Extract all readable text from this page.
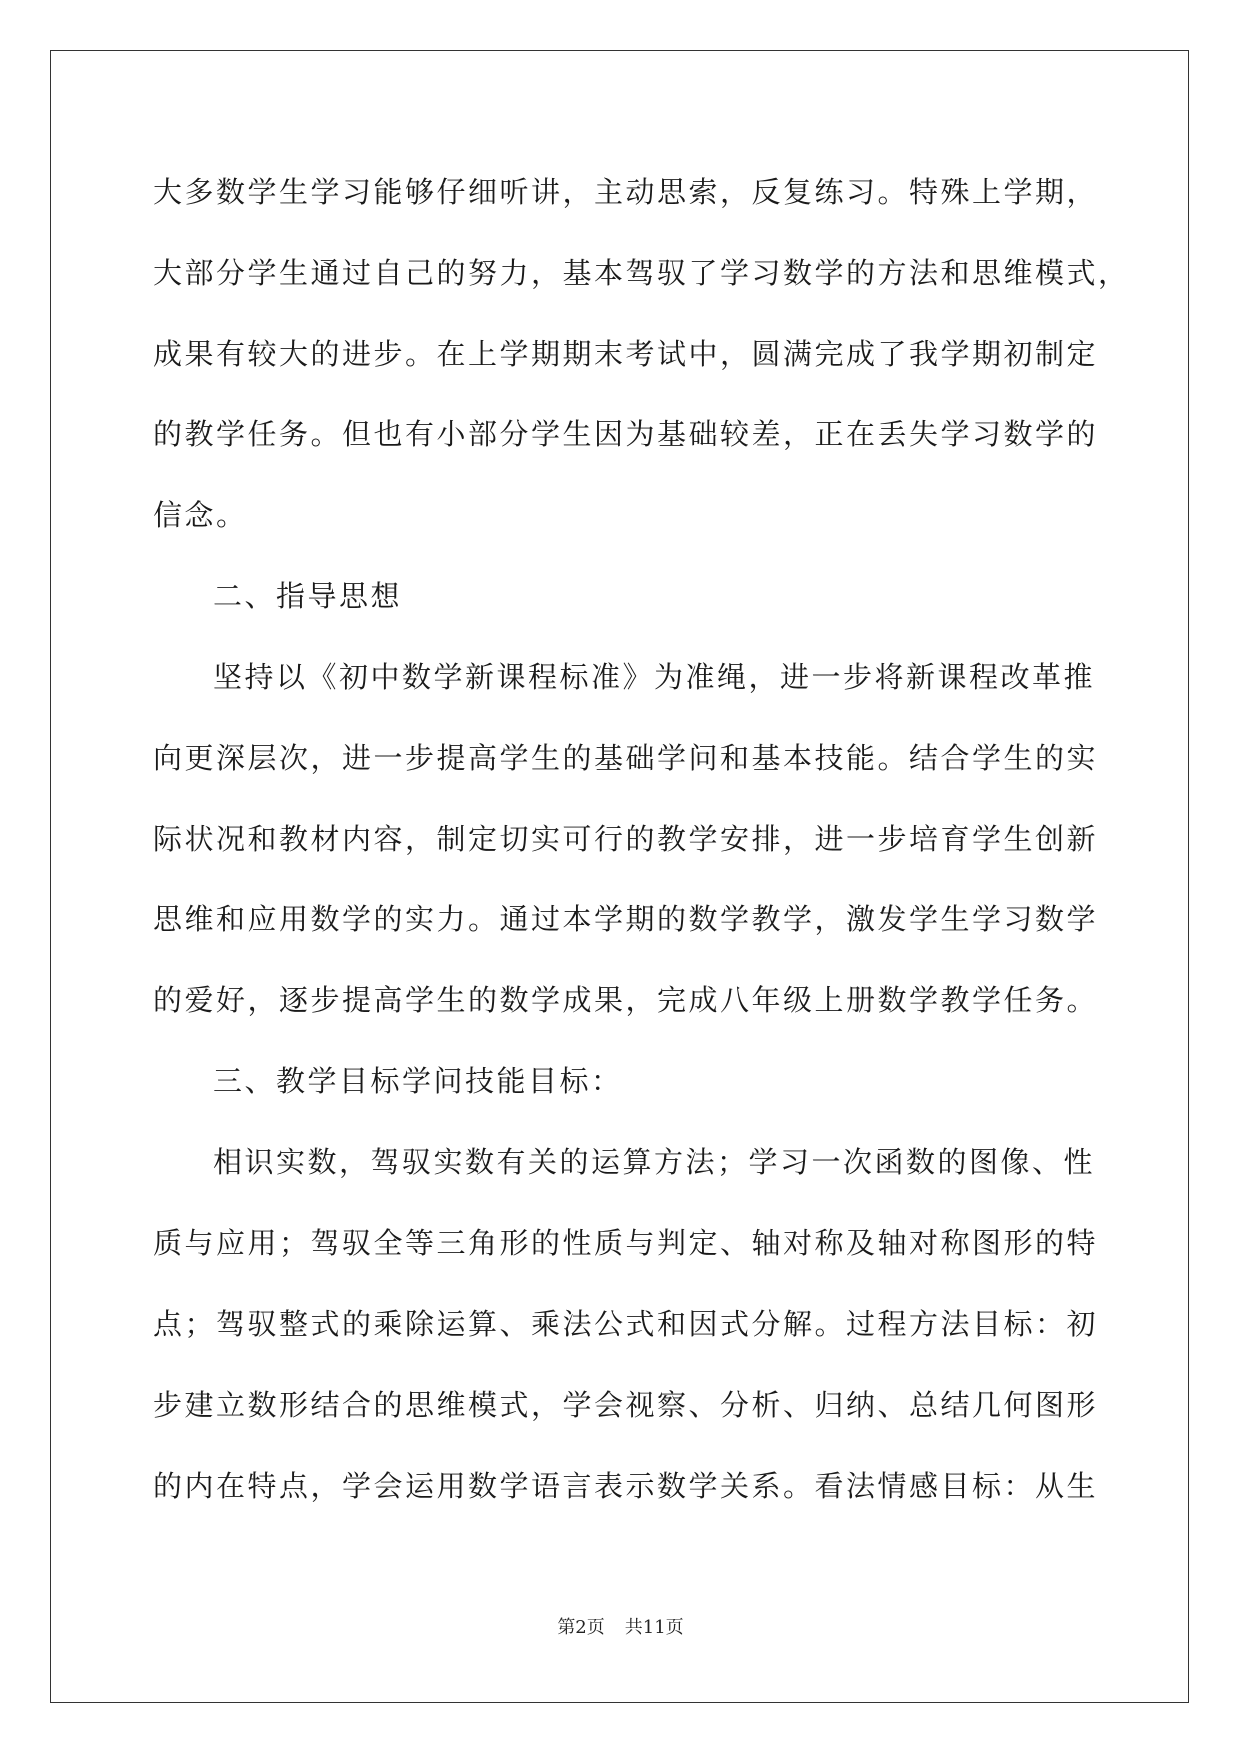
大多数学生学习能够仔细听讲，主动思索，反复练习。特殊上学期，
大部分学生通过自己的努力，基本驾驭了学习数学的方法和思维模式，
成果有较大的进步。在上学期期末考试中，圆满完成了我学期初制定
的教学任务。但也有小部分学生因为基础较差，正在丢失学习数学的
信念。
二、指导思想
坚持以《初中数学新课程标准》为准绳，进一步将新课程改革推
向更深层次，进一步提高学生的基础学问和基本技能。结合学生的实
际状况和教材内容，制定切实可行的教学安排，进一步培育学生创新
思维和应用数学的实力。通过本学期的数学教学，激发学生学习数学
的爱好，逐步提高学生的数学成果，完成八年级上册数学教学任务。
三、教学目标学问技能目标：
相识实数，驾驭实数有关的运算方法；学习一次函数的图像、性
质与应用；驾驭全等三角形的性质与判定、轴对称及轴对称图形的特
点；驾驭整式的乘除运算、乘法公式和因式分解。过程方法目标：初
步建立数形结合的思维模式，学会视察、分析、归纳、总结几何图形
的内在特点，学会运用数学语言表示数学关系。看法情感目标：从生
第2页 共11页
